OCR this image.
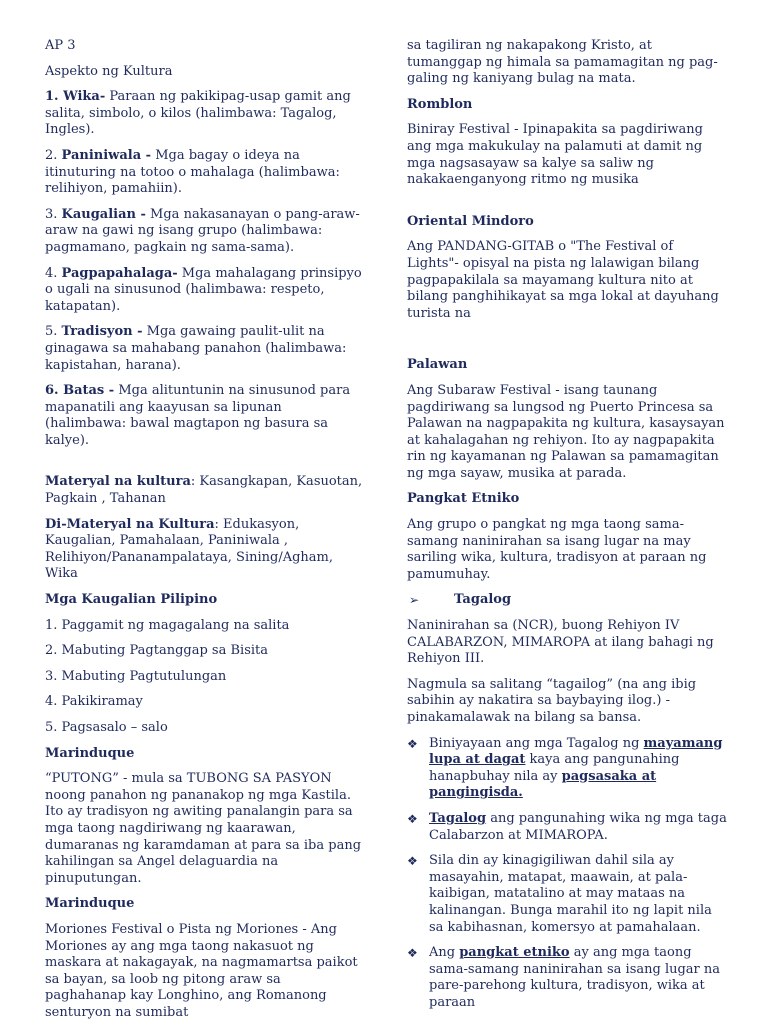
AP 3

Aspekto ng Kultura

1. Wika- Paraan ng pakikipag-usap gamit ang salita, simbolo, o kilos (halimbawa: Tagalog, Ingles).

2. Paniniwala - Mga bagay o ideya na itinuturing na totoo o mahalaga (halimbawa: relihiyon, pamahiin).

3. Kaugalian - Mga nakasanayan o pang-araw-araw na gawi ng isang grupo (halimbawa: pagmamano, pagkain ng sama-sama).

4. Pagpapahalaga- Mga mahalagang prinsipyo o ugali na sinusunod (halimbawa: respeto, katapatan).

5. Tradisyon - Mga gawaing paulit-ulit na ginagawa sa mahabang panahon (halimbawa: kapistahan, harana).

6. Batas - Mga alituntunin na sinusunod para mapanatili ang kaayusan sa lipunan (halimbawa: bawal magtapon ng basura sa kalye).

Materyal na kultura: Kasangkapan, Kasuotan, Pagkain , Tahanan

Di-Materyal na Kultura: Edukasyon, Kaugalian, Pamahalaan, Paniniwala , Relihiyon/Pananampalataya, Sining/Agham, Wika

Mga Kaugalian Pilipino

1. Paggamit ng magagalang na salita

2. Mabuting Pagtanggap sa Bisita

3. Mabuting Pagtutulungan

4. Pakikiramay

5. Pagsasalo – salo

Marinduque

“PUTONG” - mula sa TUBONG SA PASYON noong panahon ng pananakop ng mga Kastila. Ito ay tradisyon ng awiting panalangin para sa mga taong nagdiriwang ng kaarawan, dumaranas ng karamdaman at para sa iba pang kahilingan sa Angel delaguardia na pinuputungan.

Marinduque

Moriones Festival o Pista ng Moriones - Ang Moriones ay ang mga taong nakasuot ng maskara at nakagayak, na nagmamartsa paikot sa bayan, sa loob ng pitong araw sa paghahanap kay Longhino, ang Romanong senturyon na sumibat

sa tagiliran ng nakapakong Kristo, at tumanggap ng himala sa pamamagitan ng pag-galing ng kaniyang bulag na mata.

Romblon

Biniray Festival - Ipinapakita sa pagdiriwang ang mga makukulay na palamuti at damit ng mga nagsasayaw sa kalye sa saliw ng nakakaenganyong ritmo ng musika

Oriental Mindoro

Ang PANDANG-GITAB o "The Festival of Lights"- opisyal na pista ng lalawigan bilang pagpapakilala sa mayamang kultura nito at bilang panghihikayat sa mga lokal at dayuhang turista na

Palawan

Ang Subaraw Festival - isang taunang pagdiriwang sa lungsod ng Puerto Princesa sa Palawan na nagpapakita ng kultura, kasaysayan at kahalagahan ng rehiyon. Ito ay nagpapakita rin ng kayamanan ng Palawan sa pamamagitan ng mga sayaw, musika at parada.

Pangkat Etniko

Ang grupo o pangkat ng mga taong sama-samang naninirahan sa isang lugar na may sariling wika, kultura, tradisyon at paraan ng pamumuhay.

➢	Tagalog

Naninirahan sa (NCR), buong Rehiyon IV CALABARZON, MIMAROPA at ilang bahagi ng Rehiyon III.

Nagmula sa salitang “tagailog” (na ang ibig sabihin ay nakatira sa baybaying ilog.) - pinakamalawak na bilang sa bansa.

❖ Biniyayaan ang mga Tagalog ng mayamang lupa at dagat kaya ang pangunahing hanapbuhay nila ay pagsasaka at pangingisda.
❖ Tagalog ang pangunahing wika ng mga taga Calabarzon at MIMAROPA.
❖ Sila din ay kinagigiliwan dahil sila ay masayahin, matapat, maawain, at pala-kaibigan, matatalino at may mataas na kalinangan. Bunga marahil ito ng lapit nila sa kabihasnan, komersyo at pamahalaan.
❖ Ang pangkat etniko ay ang mga taong sama-samang naninirahan sa isang lugar na pare-parehong kultura, tradisyon, wika at paraan
